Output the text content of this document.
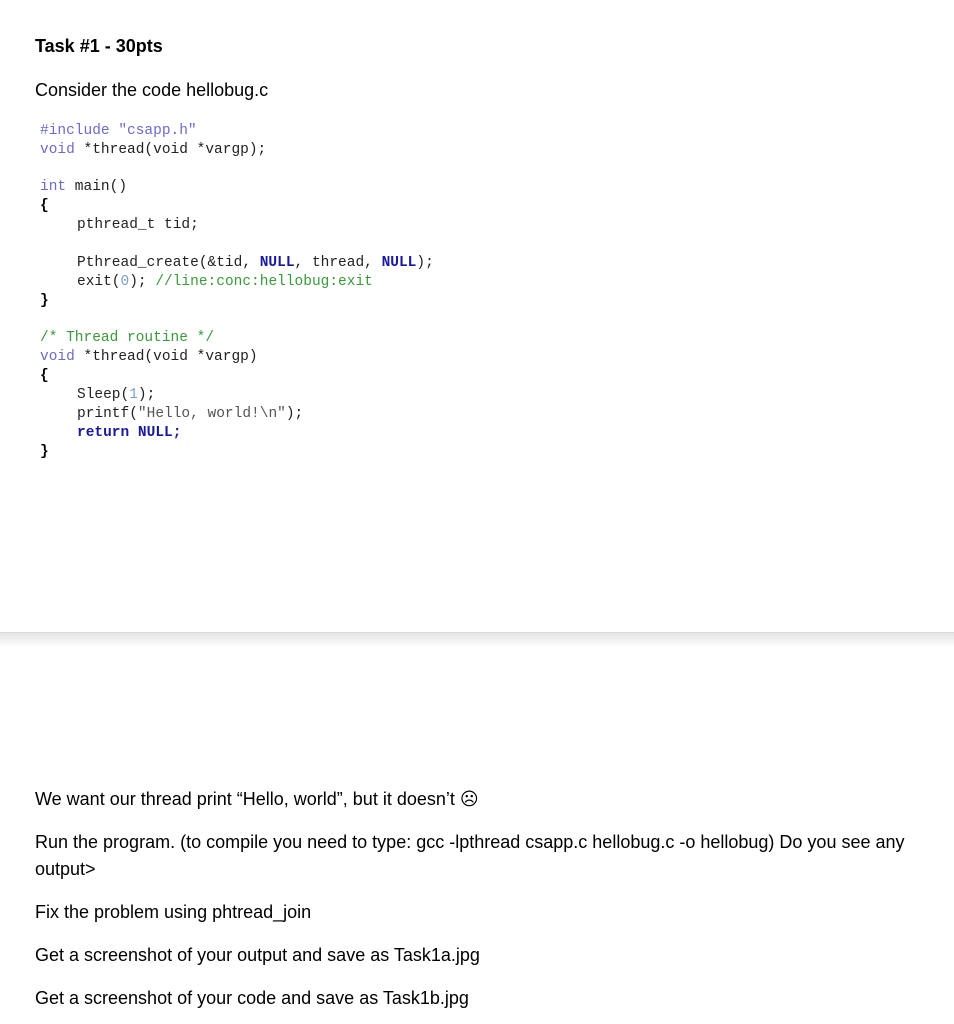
Task #1 - 30pts

Consider the code hellobug.c

#include "csapp.h"
void *thread(void *vargp);
int main()
{
pthread_t tid;
Pthread_create(&tid, NULL, thread, NULL);
exit(0); //line:conc:hellobug:exit
}
/* Thread routine */
void *thread(void *vargp)
{
Sleep(1);
printf("Hello, world!\n");
return NULL;
}

We want our thread print “Hello, world”, but it doesn’t ☹

Run the program. (to compile you need to type: gcc -lpthread csapp.c hellobug.c -o hellobug) Do you see any output>

Fix the problem using phtread_join

Get a screenshot of your output and save as Task1a.jpg

Get a screenshot of your code and save as Task1b.jpg
